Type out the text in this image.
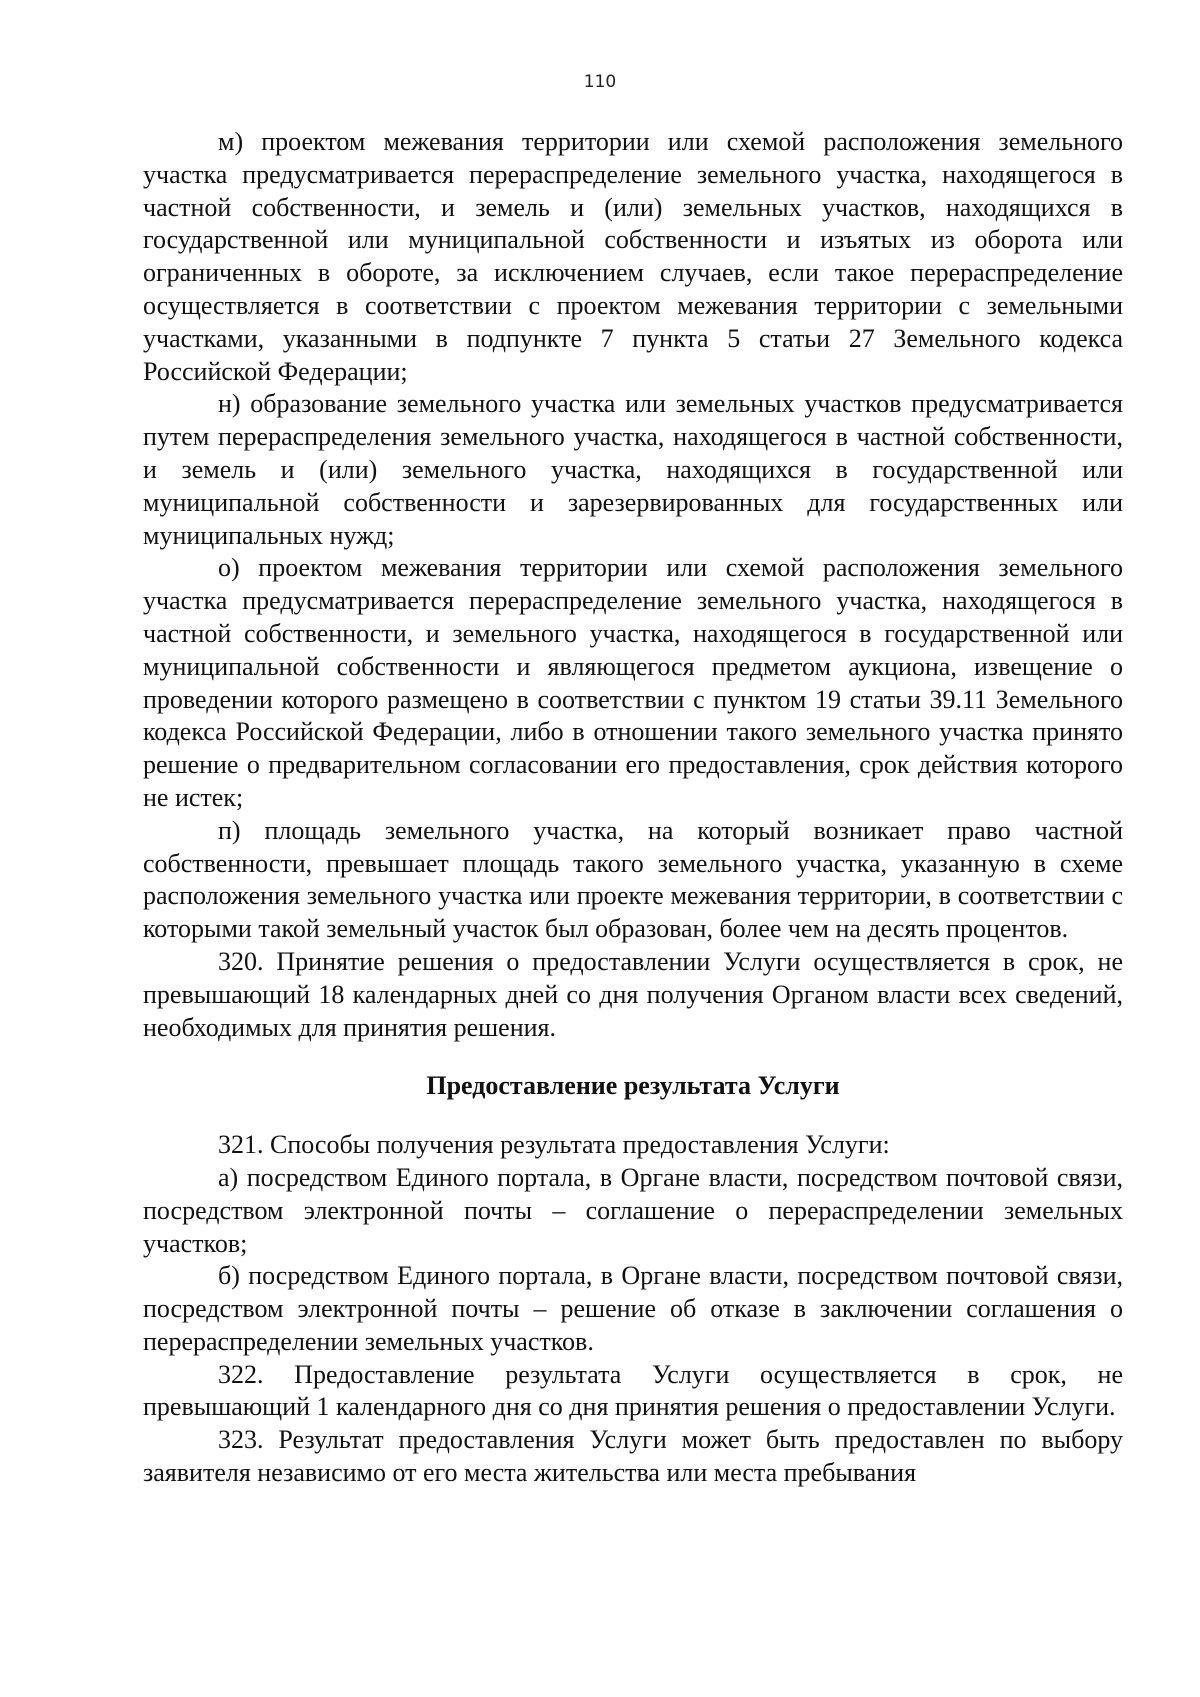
110

м) проектом межевания территории или схемой расположения земельного участка предусматривается перераспределение земельного участка, находящегося в частной собственности, и земель и (или) земельных участков, находящихся в государственной или муниципальной собственности и изъятых из оборота или ограниченных в обороте, за исключением случаев, если такое перераспределение осуществляется в соответствии с проектом межевания территории с земельными участками, указанными в подпункте 7 пункта 5 статьи 27 Земельного кодекса Российской Федерации;

н) образование земельного участка или земельных участков предусматривается путем перераспределения земельного участка, находящегося в частной собственности, и земель и (или) земельного участка, находящихся в государственной или муниципальной собственности и зарезервированных для государственных или муниципальных нужд;

о) проектом межевания территории или схемой расположения земельного участка предусматривается перераспределение земельного участка, находящегося в частной собственности, и земельного участка, находящегося в государственной или муниципальной собственности и являющегося предметом аукциона, извещение о проведении которого размещено в соответствии с пунктом 19 статьи 39.11 Земельного кодекса Российской Федерации, либо в отношении такого земельного участка принято решение о предварительном согласовании его предоставления, срок действия которого не истек;

п) площадь земельного участка, на который возникает право частной собственности, превышает площадь такого земельного участка, указанную в схеме расположения земельного участка или проекте межевания территории, в соответствии с которыми такой земельный участок был образован, более чем на десять процентов.

320. Принятие решения о предоставлении Услуги осуществляется в срок, не превышающий 18 календарных дней со дня получения Органом власти всех сведений, необходимых для принятия решения.

Предоставление результата Услуги

321. Способы получения результата предоставления Услуги:

а) посредством Единого портала, в Органе власти, посредством почтовой связи, посредством электронной почты – соглашение о перераспределении земельных участков;

б) посредством Единого портала, в Органе власти, посредством почтовой связи, посредством электронной почты – решение об отказе в заключении соглашения о перераспределении земельных участков.

322. Предоставление результата Услуги осуществляется в срок, не превышающий 1 календарного дня со дня принятия решения о предоставлении Услуги.

323. Результат предоставления Услуги может быть предоставлен по выбору заявителя независимо от его места жительства или места пребывания
